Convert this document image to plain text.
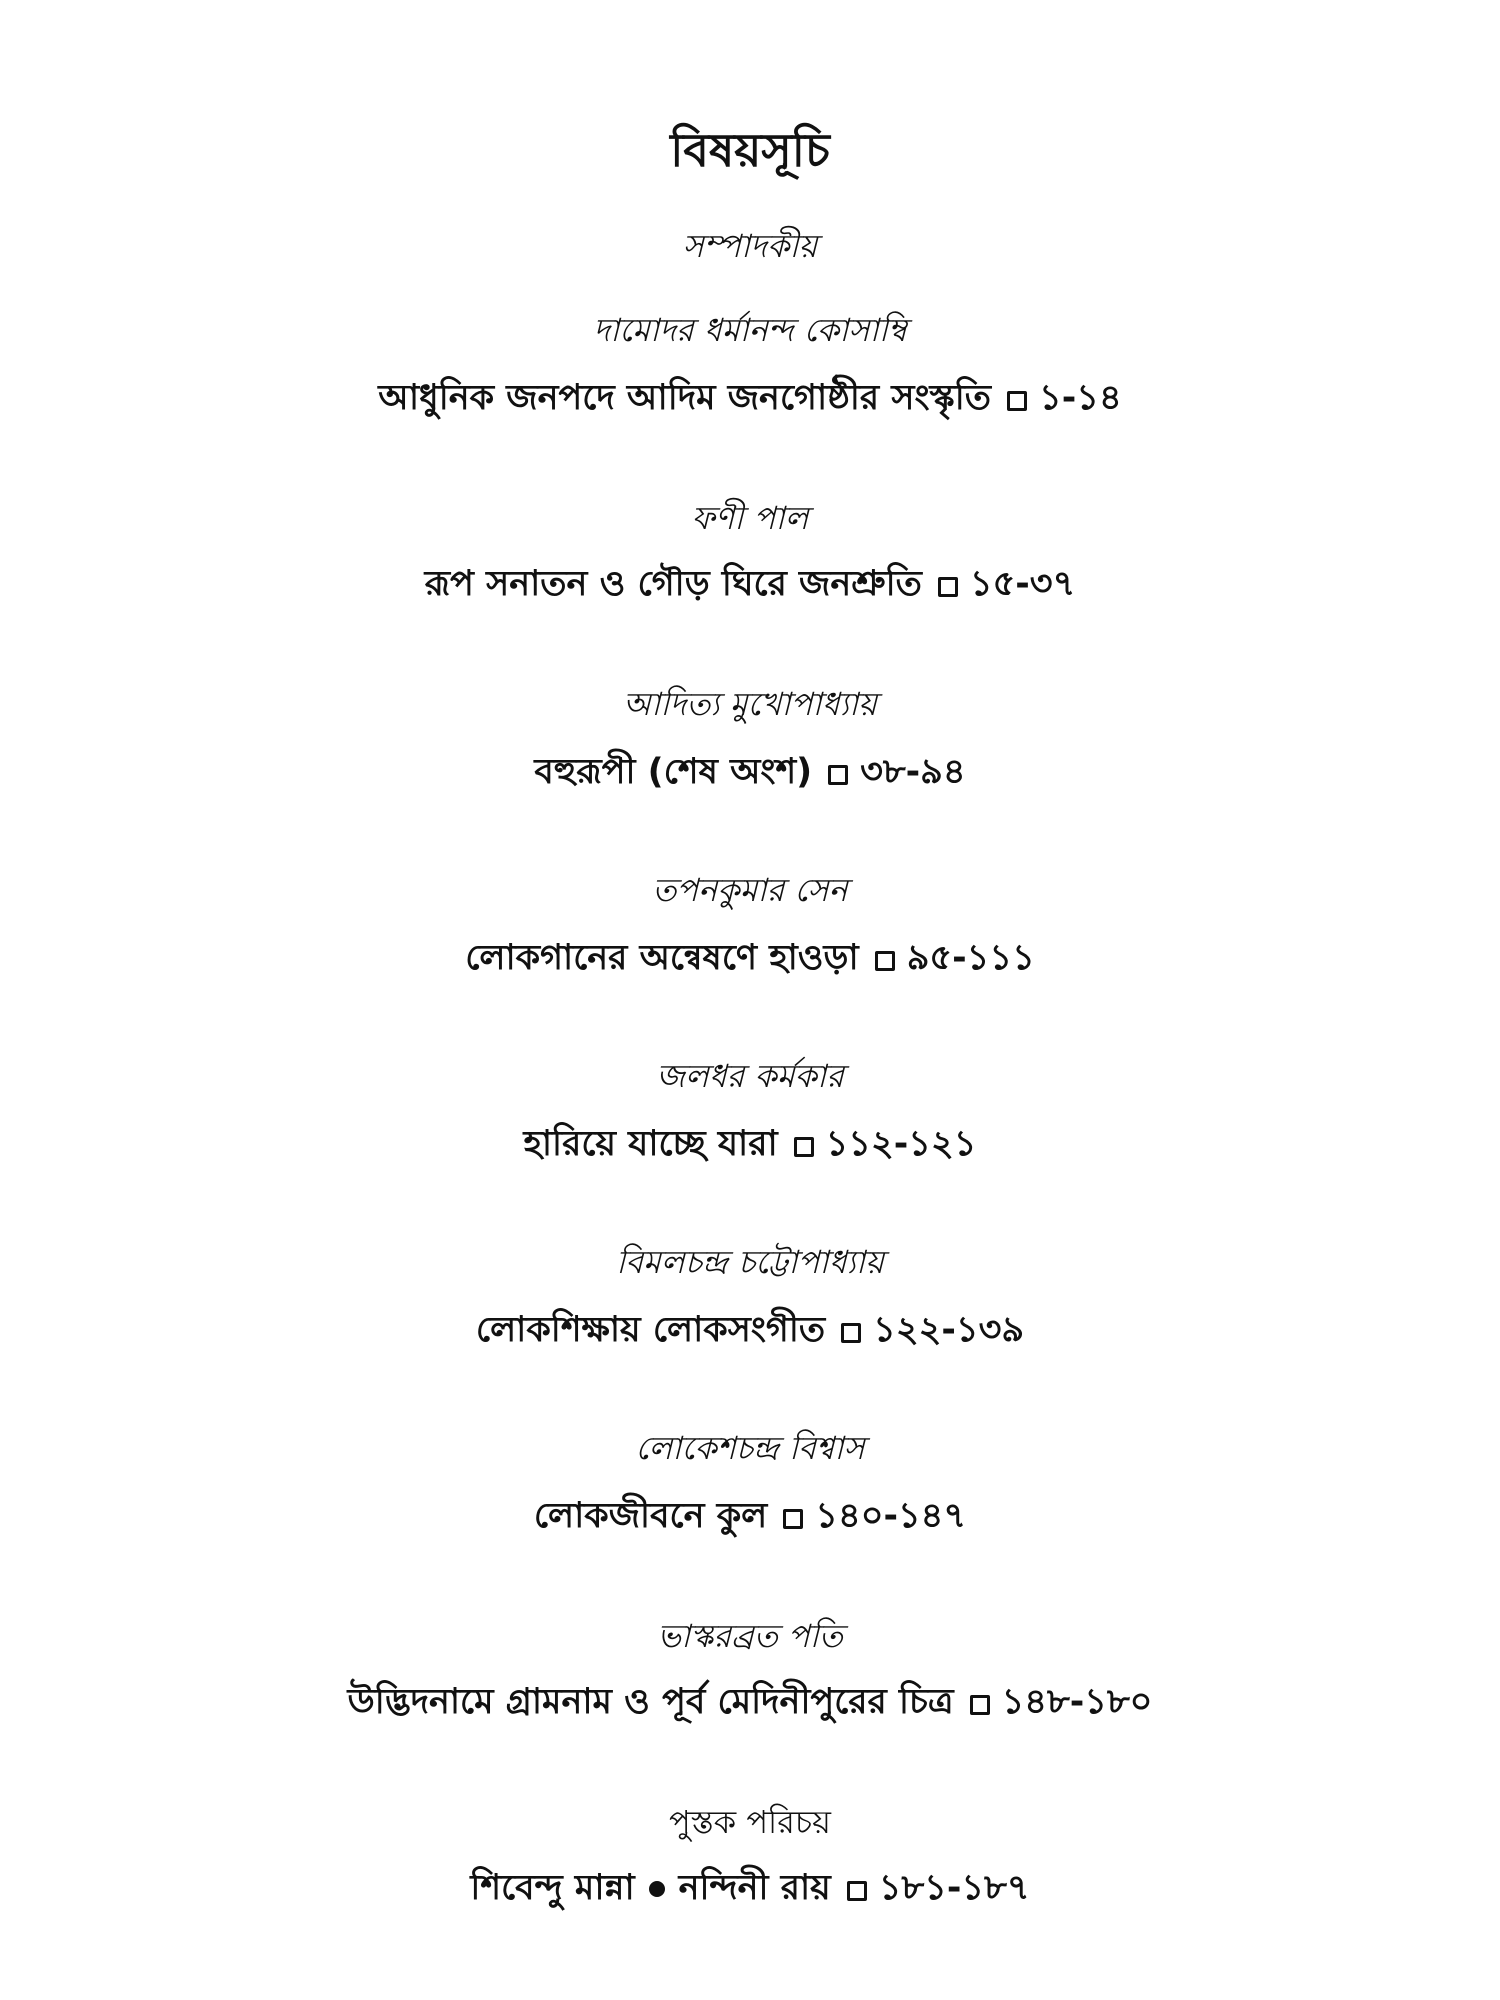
বিষয়সূচি
সম্পাদকীয়
দামোদর ধর্মানন্দ কোসাম্বি
আধুনিক জনপদে আদিম জনগোষ্ঠীর সংস্কৃতি ১-১৪
ফণী পাল
রূপ সনাতন ও গৌড় ঘিরে জনশ্রুতি ১৫-৩৭
আদিত্য মুখোপাধ্যায়
বহুরূপী (শেষ অংশ) ৩৮-৯৪
তপনকুমার সেন
লোকগানের অন্বেষণে হাওড়া ৯৫-১১১
জলধর কর্মকার
হারিয়ে যাচ্ছে যারা ১১২-১২১
বিমলচন্দ্র চট্টোপাধ্যায়
লোকশিক্ষায় লোকসংগীত ১২২-১৩৯
লোকেশচন্দ্র বিশ্বাস
লোকজীবনে কুল ১৪০-১৪৭
ভাস্করব্রত পতি
উদ্ভিদনামে গ্রামনাম ও পূর্ব মেদিনীপুরের চিত্র ১৪৮-১৮০
পুস্তক পরিচয়
শিবেন্দু মান্না নন্দিনী রায় ১৮১-১৮৭
